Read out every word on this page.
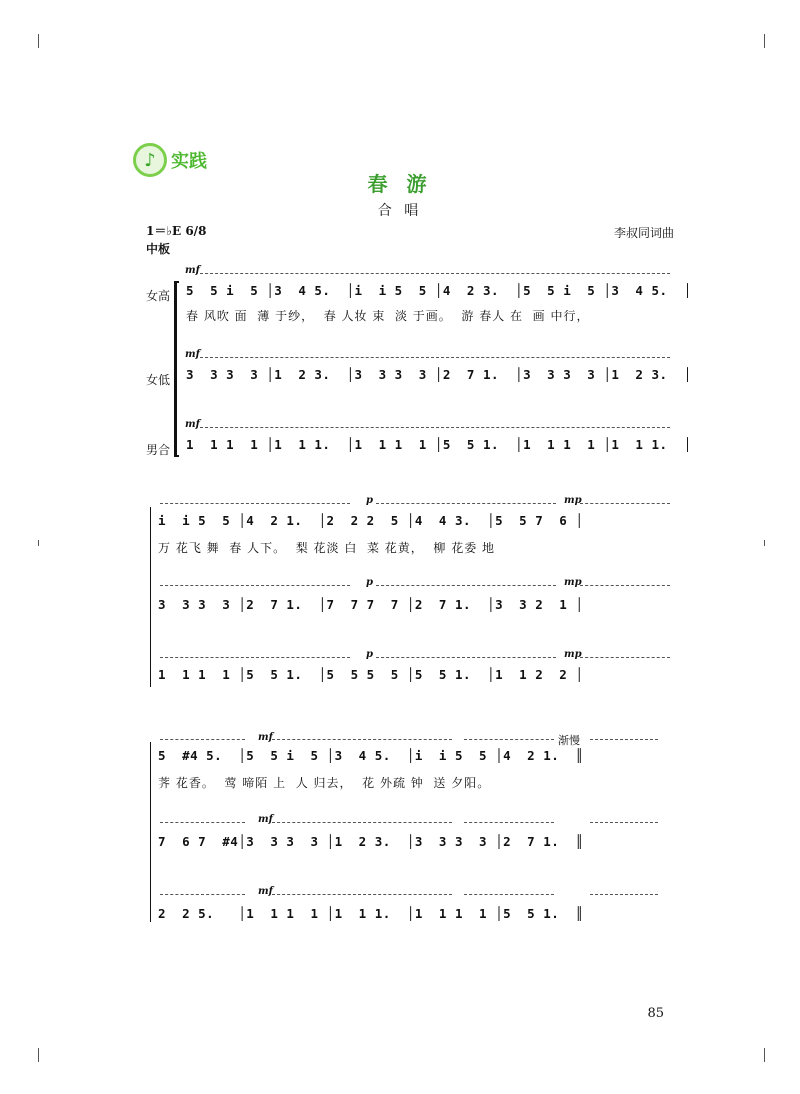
♪ 实践
春 游
合 唱
1＝♭E 6/8
中板
李叔同词曲
女高
女低
男合
mf
5  5 i  5 │3  4 5.  │i  i 5  5 │4  2 3.  │5  5 i  5 │3  4 5.  │
春 风吹 面  薄 于纱，  春 人妆 束  淡 于画。  游 春人 在  画 中行，
mf
3  3 3  3 │1  2 3.  │3  3 3  3 │2  7 1.  │3  3 3  3 │1  2 3.  │
mf
1  1 1  1 │1  1 1.  │1  1 1  1 │5  5 1.  │1  1 1  1 │1  1 1.  │
p	mp
i  i 5  5 │4  2 1.  │2  2 2  5 │4  4 3.  │5  5 7  6 │
万 花飞 舞  春 人下。  梨 花淡 白  菜 花黄，  柳 花委 地
p	mp
3  3 3  3 │2  7 1.  │7  7 7  7 │2  7 1.  │3  3 2  1 │
p	mp
1  1 1  1 │5  5 1.  │5  5 5  5 │5  5 1.  │1  1 2  2 │
mf	渐慢
5  #4 5.  │5  5 i  5 │3  4 5.  │i  i 5  5 │4  2 1.  ║
荠 花香。  莺 啼陌 上  人 归去，  花 外疏 钟  送 夕阳。
mf
7  6 7  #4│3  3 3  3 │1  2 3.  │3  3 3  3 │2  7 1.  ║
mf
2  2 5.   │1  1 1  1 │1  1 1.  │1  1 1  1 │5  5 1.  ║
85
